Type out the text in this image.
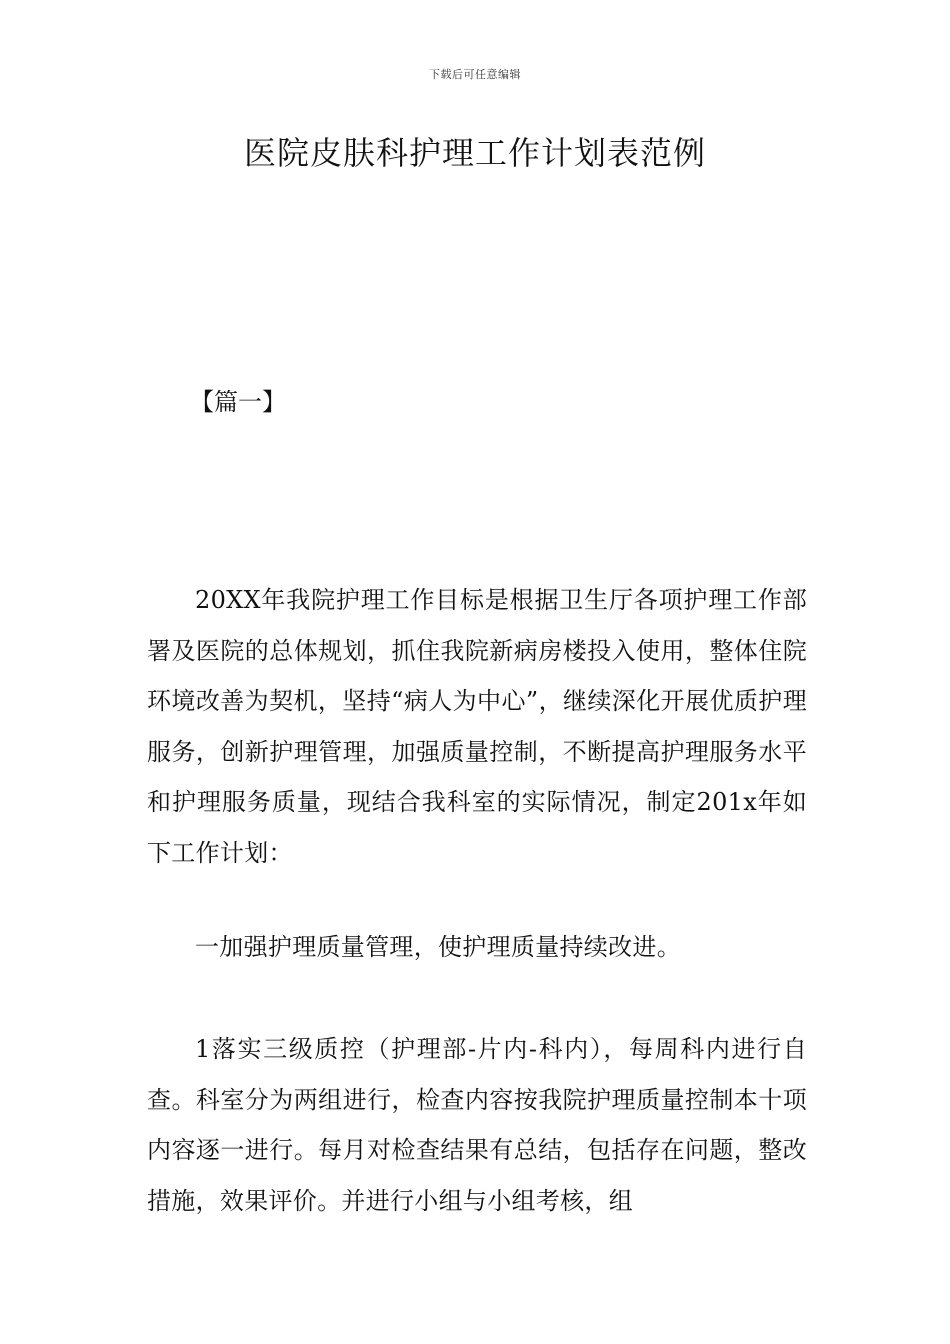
下载后可任意编辑
医院皮肤科护理工作计划表范例
【篇一】

20XX年我院护理工作目标是根据卫生厅各项护理工作部署及医院的总体规划，抓住我院新病房楼投入使用，整体住院环境改善为契机，坚持“病人为中心”，继续深化开展优质护理服务，创新护理管理，加强质量控制，不断提高护理服务水平和护理服务质量，现结合我科室的实际情况，制定201x年如下工作计划：

一加强护理质量管理，使护理质量持续改进。

1落实三级质控（护理部-片内-科内），每周科内进行自查。科室分为两组进行，检查内容按我院护理质量控制本十项内容逐一进行。每月对检查结果有总结，包括存在问题，整改措施，效果评价。并进行小组与小组考核，组
